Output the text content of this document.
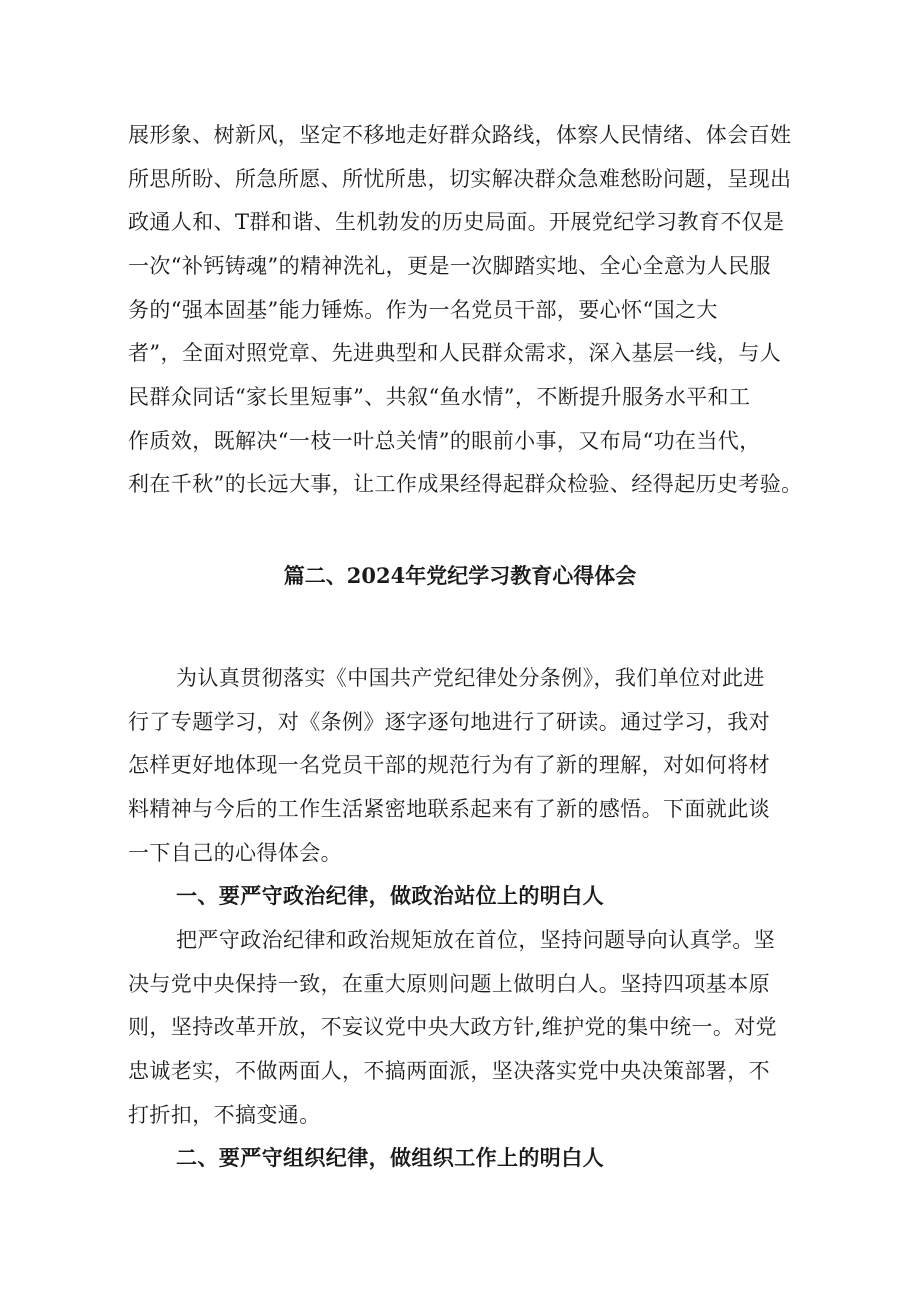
展形象、树新风，坚定不移地走好群众路线，体察人民情绪、体会百姓
所思所盼、所急所愿、所忧所患，切实解决群众急难愁盼问题，呈现出
政通人和、T群和谐、生机勃发的历史局面。开展党纪学习教育不仅是
一次“补钙铸魂”的精神洗礼，更是一次脚踏实地、全心全意为人民服
务的“强本固基”能力锤炼。作为一名党员干部，要心怀“国之大
者”，全面对照党章、先进典型和人民群众需求，深入基层一线，与人
民群众同话“家长里短事”、共叙“鱼水情”，不断提升服务水平和工
作质效，既解决“一枝一叶总关情”的眼前小事，又布局“功在当代，
利在千秋”的长远大事，让工作成果经得起群众检验、经得起历史考验。
篇二、2024年党纪学习教育心得体会
为认真贯彻落实《中国共产党纪律处分条例》，我们单位对此进
行了专题学习，对《条例》逐字逐句地进行了研读。通过学习，我对
怎样更好地体现一名党员干部的规范行为有了新的理解，对如何将材
料精神与今后的工作生活紧密地联系起来有了新的感悟。下面就此谈
一下自己的心得体会。
一、要严守政治纪律，做政治站位上的明白人
把严守政治纪律和政治规矩放在首位，坚持问题导向认真学。坚
决与党中央保持一致，在重大原则问题上做明白人。坚持四项基本原
则，坚持改革开放，不妄议党中央大政方针,维护党的集中统一。对党
忠诚老实，不做两面人，不搞两面派，坚决落实党中央决策部署，不
打折扣，不搞变通。
二、要严守组织纪律，做组织工作上的明白人
